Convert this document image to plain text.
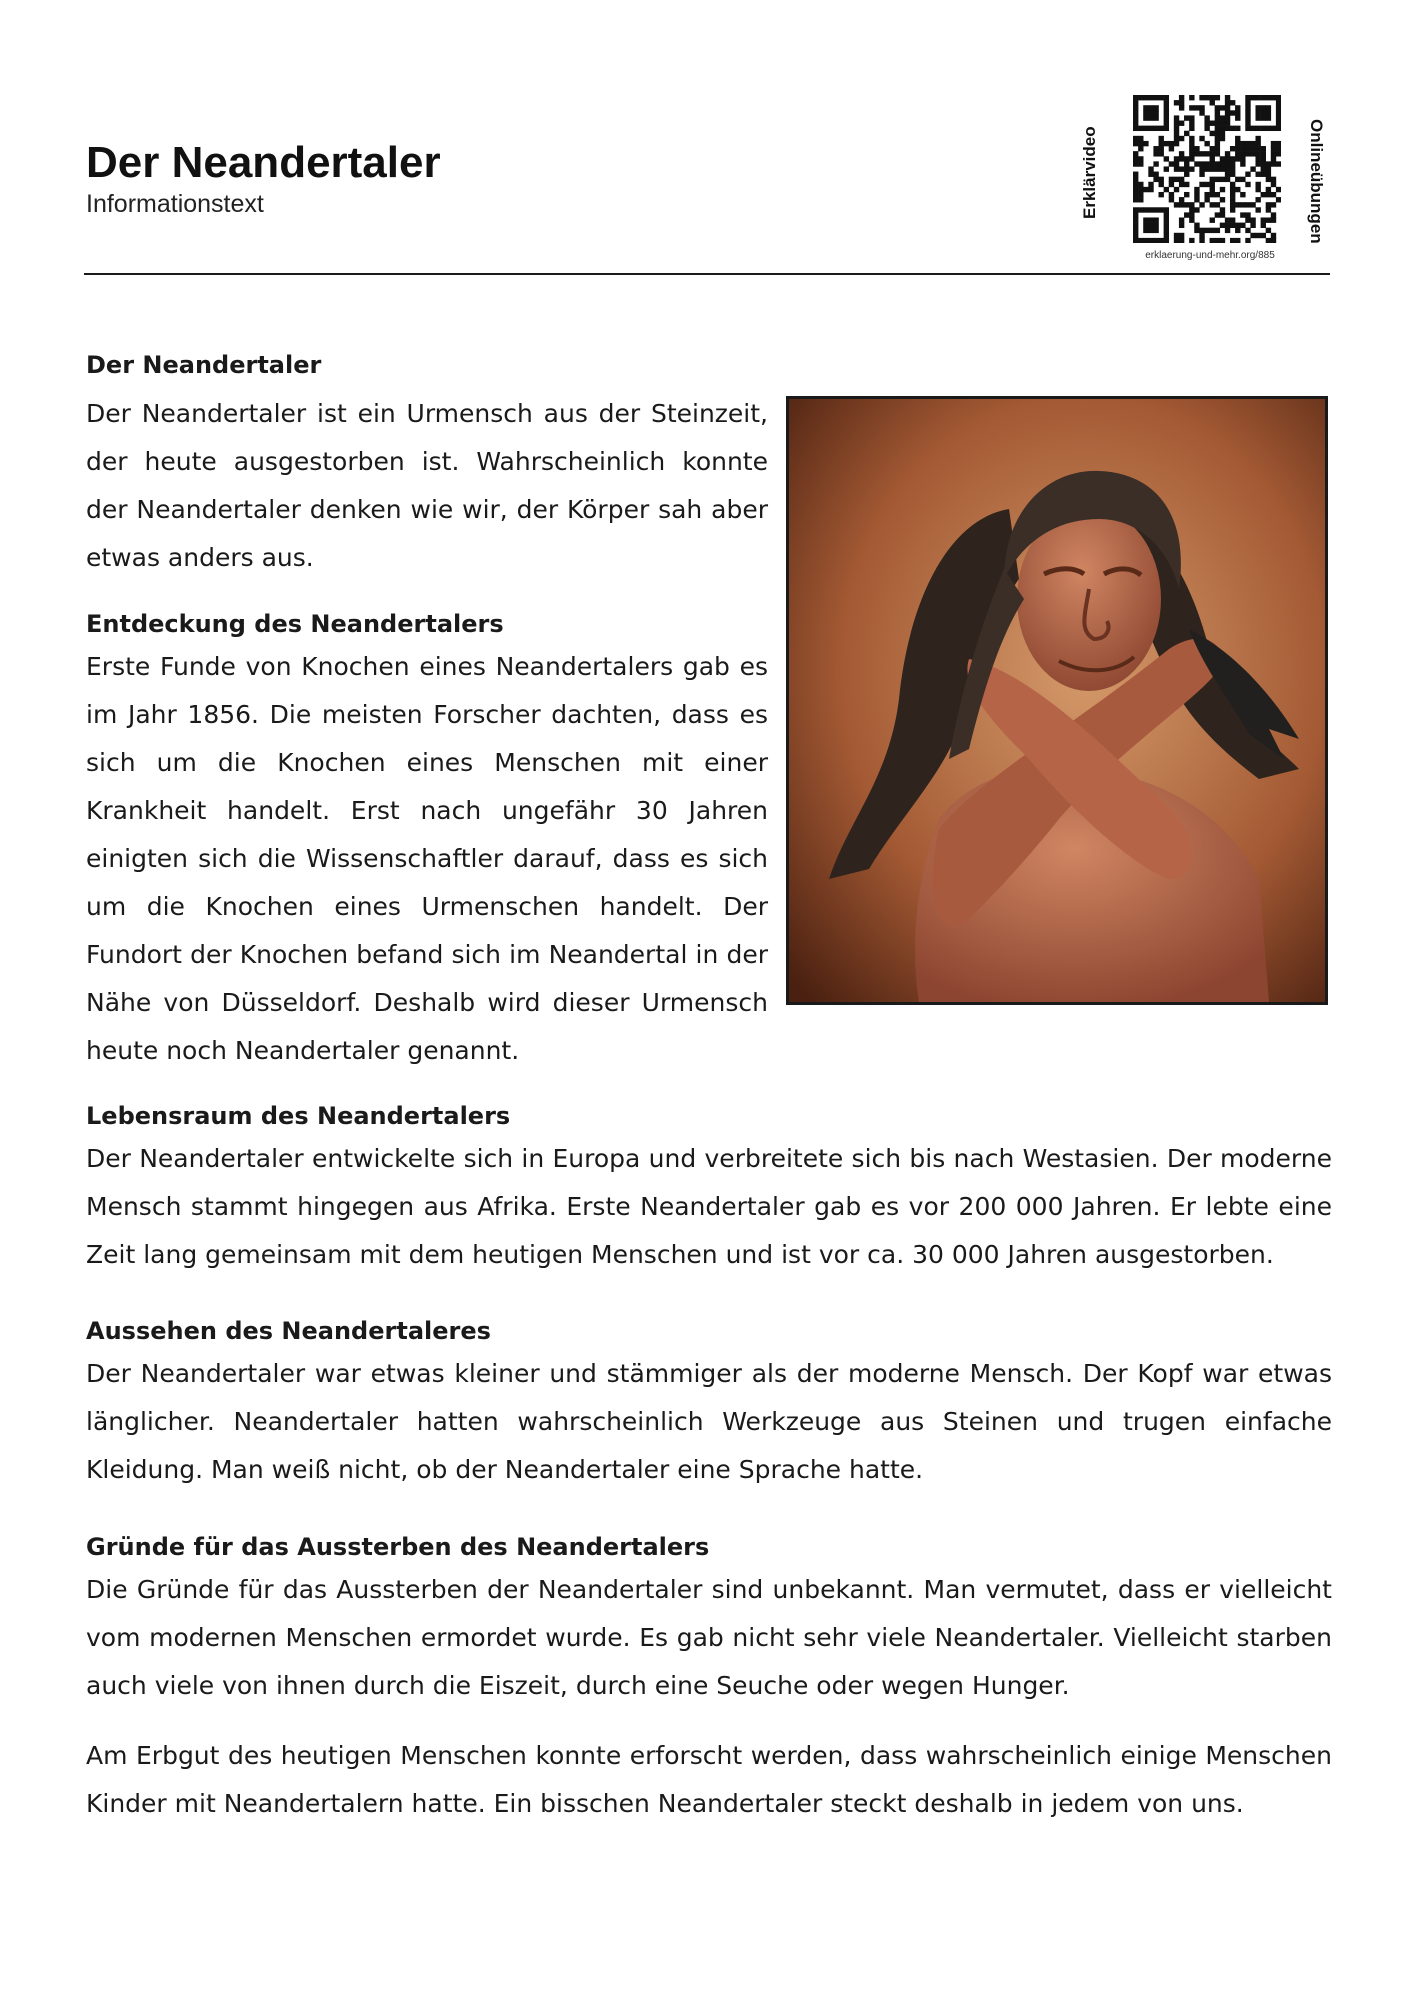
Der Neandertaler

Informationstext	Erklärvideo
erklaerung-und-mehr.org/885
Onlineübungen
Der Neandertaler

Der Neandertaler ist ein Urmensch aus der Steinzeit, der heute ausgestorben ist. Wahrscheinlich konnte der Neandertaler denken wie wir, der Körper sah aber etwas anders aus.

Entdeckung des Neandertalers

Erste Funde von Knochen eines Neandertalers gab es im Jahr 1856. Die meisten Forscher dachten, dass es sich um die Knochen eines Menschen mit einer Krankheit handelt. Erst nach ungefähr 30 Jahren einigten sich die Wissenschaftler darauf, dass es sich um die Knochen eines Urmenschen handelt. Der Fundort der Knochen befand sich im Neandertal in der Nähe von Düsseldorf. Deshalb wird dieser Urmensch heute noch Neandertaler genannt.

Lebensraum des Neandertalers

Der Neandertaler entwickelte sich in Europa und verbreitete sich bis nach Westasien. Der moderne Mensch stammt hingegen aus Afrika. Erste Neandertaler gab es vor 200 000 Jahren. Er lebte eine Zeit lang gemeinsam mit dem heutigen Menschen und ist vor ca. 30 000 Jahren ausgestorben.

Aussehen des Neandertaleres

Der Neandertaler war etwas kleiner und stämmiger als der moderne Mensch. Der Kopf war etwas länglicher. Neandertaler hatten wahrscheinlich Werkzeuge aus Steinen und trugen einfache Kleidung. Man weiß nicht, ob der Neandertaler eine Sprache hatte.

Gründe für das Aussterben des Neandertalers

Die Gründe für das Aussterben der Neandertaler sind unbekannt. Man vermutet, dass er vielleicht vom modernen Menschen ermordet wurde. Es gab nicht sehr viele Neandertaler. Vielleicht starben auch viele von ihnen durch die Eiszeit, durch eine Seuche oder wegen Hunger.

Am Erbgut des heutigen Menschen konnte erforscht werden, dass wahrscheinlich einige Menschen Kinder mit Neandertalern hatte. Ein bisschen Neandertaler steckt deshalb in jedem von uns.
